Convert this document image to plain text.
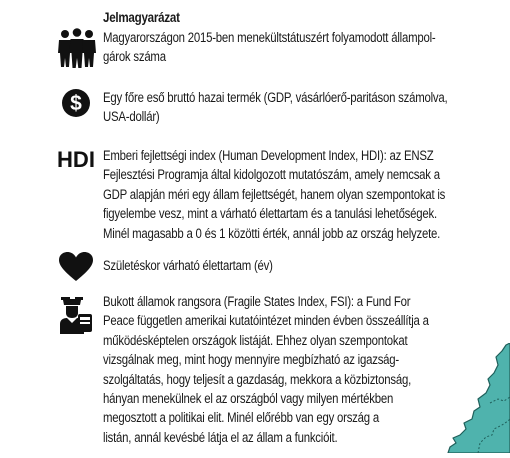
Jelmagyarázat
Magyarországon 2015-ben menekültstátuszért folyamodott állampol-
gárok száma
$ Egy főre eső bruttó hazai termék (GDP, vásárlóerő-paritáson számolva,
USA-dollár)
HDI Emberi fejlettségi index (Human Development Index, HDI): az ENSZ
Fejlesztési Programja által kidolgozott mutatószám, amely nemcsak a
GDP alapján méri egy állam fejlettségét, hanem olyan szempontokat is
figyelembe vesz, mint a várható élettartam és a tanulási lehetőségek.
Minél magasabb a 0 és 1 közötti érték, annál jobb az ország helyzete.
Születéskor várható élettartam (év)
Bukott államok rangsora (Fragile States Index, FSI): a Fund For
Peace független amerikai kutatóintézet minden évben összeállítja a
működésképtelen országok listáját. Ehhez olyan szempontokat
vizsgálnak meg, mint hogy mennyire megbízható az igazság-
szolgáltatás, hogy teljesít a gazdaság, mekkora a közbiztonság,
hányan menekülnek el az országból vagy milyen mértékben
megosztott a politikai elit. Minél előrébb van egy ország a
listán, annál kevésbé látja el az állam a funkcióit.
